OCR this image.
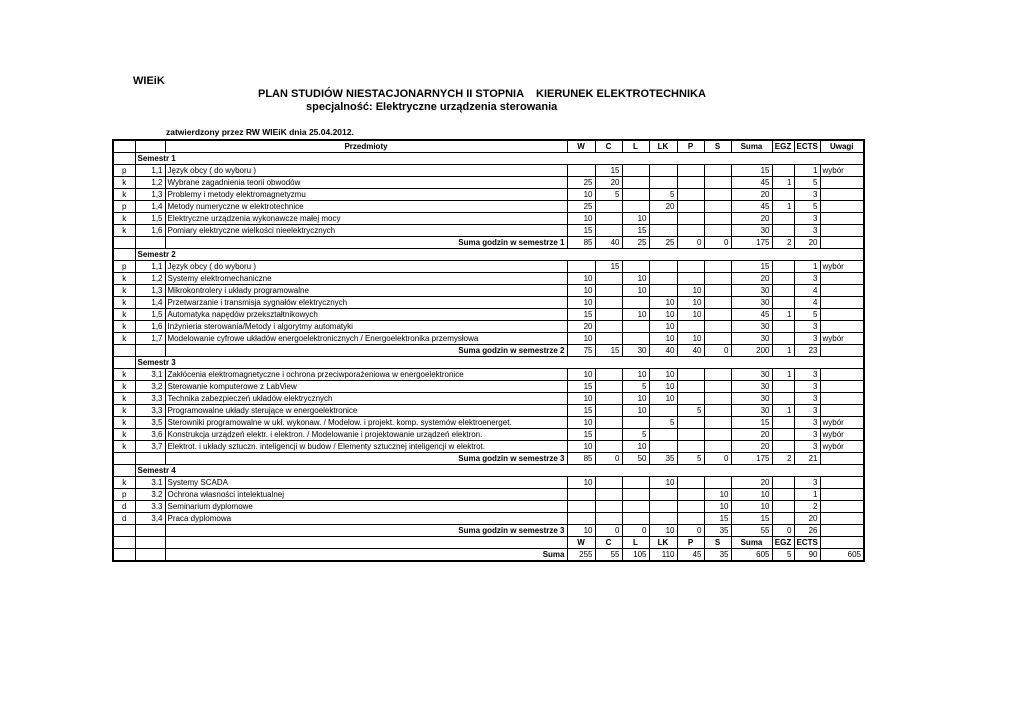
WIEiK
PLAN STUDIÓW NIESTACJONARNYCH II STOPNIA KIERUNEK ELEKTROTECHNIKA
specjalność: Elektryczne urządzenia sterowania
zatwierdzony przez RW WIEiK dnia 25.04.2012.
		Przedmioty	W	C	L	LK	P	S	Suma	EGZ	ECTS	Uwagi
	Semestr 1											
p	1,1	Język obcy ( do wyboru )		15					15		1	wybór
k	1,2	Wybrane zagadnienia teorii obwodów	25	20					45	1	5	
k	1,3	Problemy i metody elektromagnetyzmu	10	5		5			20		3	
p	1,4	Metody numeryczne w elektrotechnice	25			20			45	1	5	
k	1,5	Elektryczne urządzenia wykonawcze małej mocy	10		10				20		3	
k	1,6	Pomiary elektryczne wielkości nieelektrycznych	15		15				30		3	
		Suma godzin w semestrze 1	85	40	25	25	0	0	175	2	20	
	Semestr 2											
p	1,1	Język obcy ( do wyboru )		15					15		1	wybór
k	1,2	Systemy elektromechaniczne	10		10				20		3	
k	1,3	Mikrokontrolery i układy programowalne	10		10		10		30		4	
k	1,4	Przetwarzanie i transmisja sygnałów elektrycznych	10			10	10		30		4	
k	1,5	Automatyka napędów przekształtnikowych	15		10	10	10		45	1	5	
k	1,6	Inżynieria sterowania/Metody i algorytmy automatyki	20			10			30		3	
k	1,7	Modelowanie cyfrowe układów energoelektronicznych / Energoelektronika przemysłowa	10			10	10		30		3	wybór
		Suma godzin w semestrze 2	75	15	30	40	40	0	200	1	23	
	Semestr 3											
k	3,1	Zakłócenia elektromagnetyczne i ochrona przeciwporażeniowa w energoelektronice	10		10	10			30	1	3	
k	3,2	Sterowanie komputerowe z LabView	15		5	10			30		3	
k	3,3	Technika zabezpieczeń układów elektrycznych	10		10	10			30		3	
k	3,3	Programowalne układy sterujące w energoelektronice	15		10		5		30	1	3	
k	3,5	Sterowniki programowalne w ukł. wykonaw. / Modelow. i projekt. komp. systemów elektroenerget.	10			5			15		3	wybór
k	3,6	Konstrukcja urządzeń elektr. i elektron. / Modelowanie i projektowanie urządzeń elektron.	15		5				20		3	wybór
k	3,7	Elektrot. i układy sztuczn. inteligencji w budow / Elementy sztucznej inteligencji w elektrot.	10		10				20		3	wybór
		Suma godzin w semestrze 3	85	0	50	35	5	0	175	2	21	
	Semestr 4											
k	3.1	Systemy SCADA	10			10			20		3	
p	3.2	Ochrona własności intelektualnej						10	10		1	
d	3.3	Seminarium dyplomowe						10	10		2	
d	3,4	Praca dyplomowa						15	15		20	
		Suma godzin w semestrze 3	10	0	0	10	0	35	55	0	26	
			W	C	L	LK	P	S	Suma	EGZ	ECTS	
		Suma	255	55	105	110	45	35	605	5	90	605
